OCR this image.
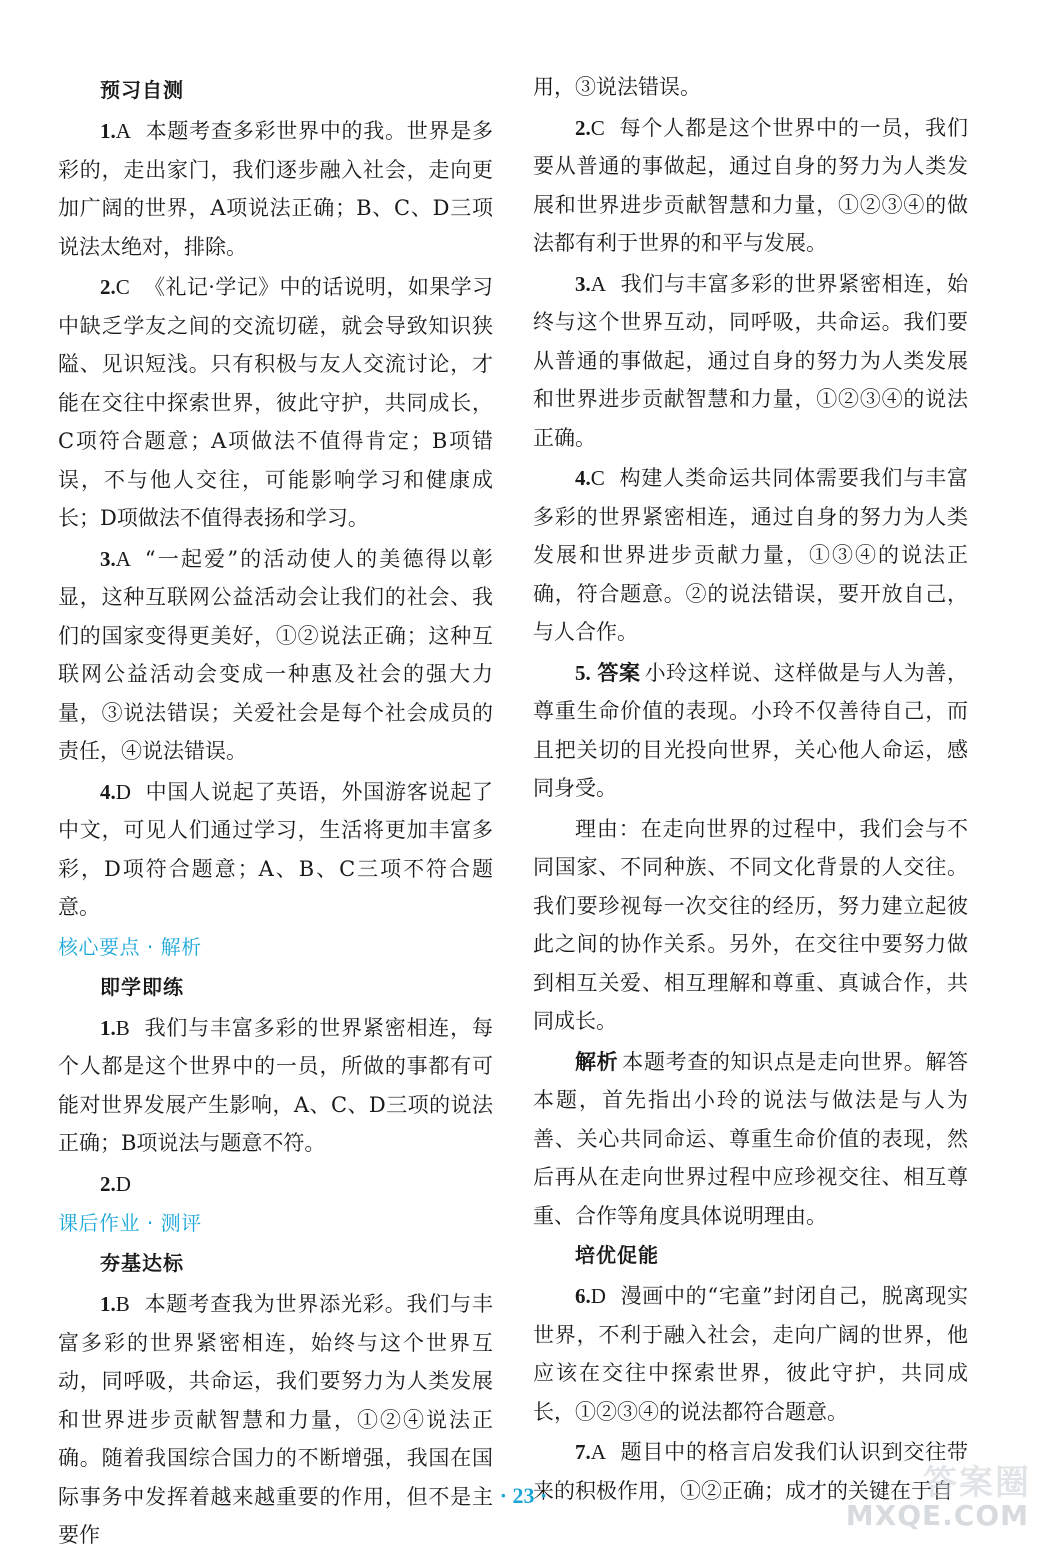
预习自测

1.A 本题考查多彩世界中的我。世界是多彩的，走出家门，我们逐步融入社会，走向更加广阔的世界，A项说法正确；B、C、D三项说法太绝对，排除。

2.C 《礼记·学记》中的话说明，如果学习中缺乏学友之间的交流切磋，就会导致知识狭隘、见识短浅。只有积极与友人交流讨论，才能在交往中探索世界，彼此守护，共同成长，C项符合题意；A项做法不值得肯定；B项错误，不与他人交往，可能影响学习和健康成长；D项做法不值得表扬和学习。

3.A “一起爱”的活动使人的美德得以彰显，这种互联网公益活动会让我们的社会、我们的国家变得更美好，①②说法正确；这种互联网公益活动会变成一种惠及社会的强大力量，③说法错误；关爱社会是每个社会成员的责任，④说法错误。

4.D 中国人说起了英语，外国游客说起了中文，可见人们通过学习，生活将更加丰富多彩，D项符合题意；A、B、C三项不符合题意。

核心要点 · 解析
即学即练

1.B 我们与丰富多彩的世界紧密相连，每个人都是这个世界中的一员，所做的事都有可能对世界发展产生影响，A、C、D三项的说法正确；B项说法与题意不符。

2.D

课后作业 · 测评
夯基达标

1.B 本题考查我为世界添光彩。我们与丰富多彩的世界紧密相连，始终与这个世界互动，同呼吸，共命运，我们要努力为人类发展和世界进步贡献智慧和力量，①②④说法正确。随着我国综合国力的不断增强，我国在国际事务中发挥着越来越重要的作用，但不是主要作

用，③说法错误。

2.C 每个人都是这个世界中的一员，我们要从普通的事做起，通过自身的努力为人类发展和世界进步贡献智慧和力量，①②③④的做法都有利于世界的和平与发展。

3.A 我们与丰富多彩的世界紧密相连，始终与这个世界互动，同呼吸，共命运。我们要从普通的事做起，通过自身的努力为人类发展和世界进步贡献智慧和力量，①②③④的说法正确。

4.C 构建人类命运共同体需要我们与丰富多彩的世界紧密相连，通过自身的努力为人类发展和世界进步贡献力量，①③④的说法正确，符合题意。②的说法错误，要开放自己，与人合作。

5. 答案 小玲这样说、这样做是与人为善，尊重生命价值的表现。小玲不仅善待自己，而且把关切的目光投向世界，关心他人命运，感同身受。

理由：在走向世界的过程中，我们会与不同国家、不同种族、不同文化背景的人交往。我们要珍视每一次交往的经历，努力建立起彼此之间的协作关系。另外，在交往中要努力做到相互关爱、相互理解和尊重、真诚合作，共同成长。

解析 本题考查的知识点是走向世界。解答本题，首先指出小玲的说法与做法是与人为善、关心共同命运、尊重生命价值的表现，然后再从在走向世界过程中应珍视交往、相互尊重、合作等角度具体说明理由。

培优促能

6.D 漫画中的“宅童”封闭自己，脱离现实世界，不利于融入社会，走向广阔的世界，他应该在交往中探索世界，彼此守护，共同成长，①②③④的说法都符合题意。

7.A 题目中的格言启发我们认识到交往带来的积极作用，①②正确；成才的关键在于自

· 23 ·	答案圈
MXQE.COM
